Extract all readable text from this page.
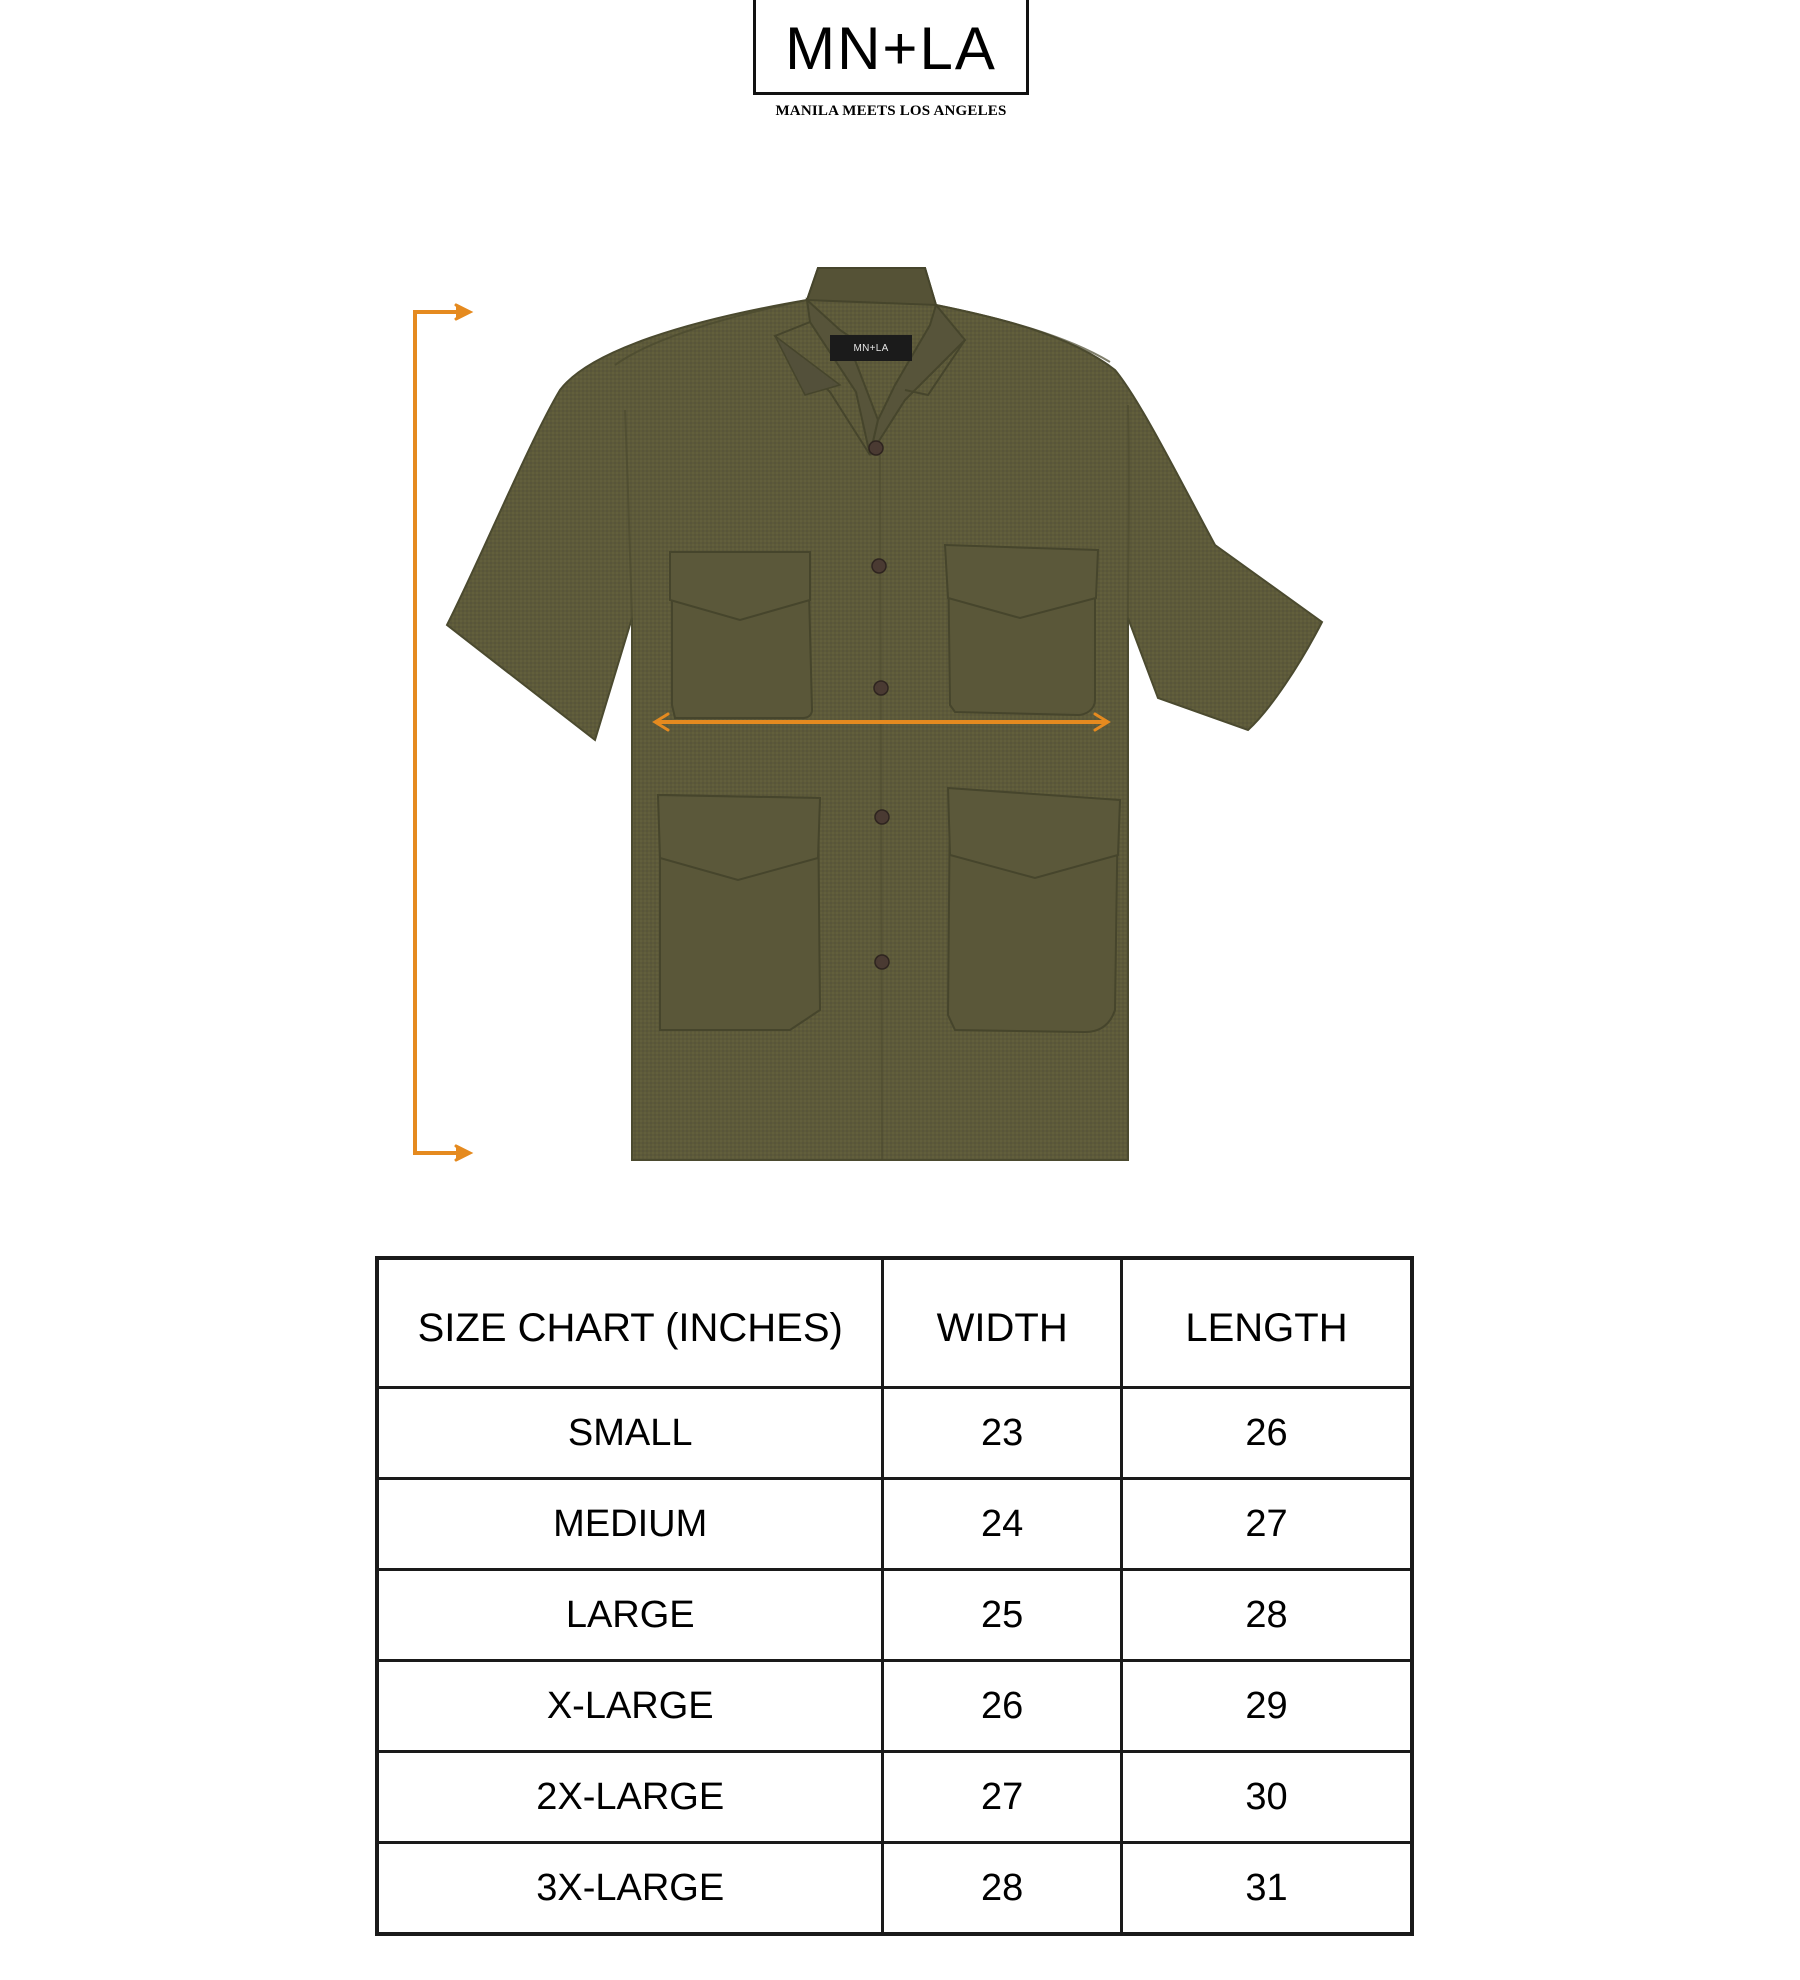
MN+LA
MANILA MEETS LOS ANGELES
MN+LA
SIZE CHART (INCHES)	WIDTH	LENGTH
SMALL	23	26
MEDIUM	24	27
LARGE	25	28
X-LARGE	26	29
2X-LARGE	27	30
3X-LARGE	28	31
